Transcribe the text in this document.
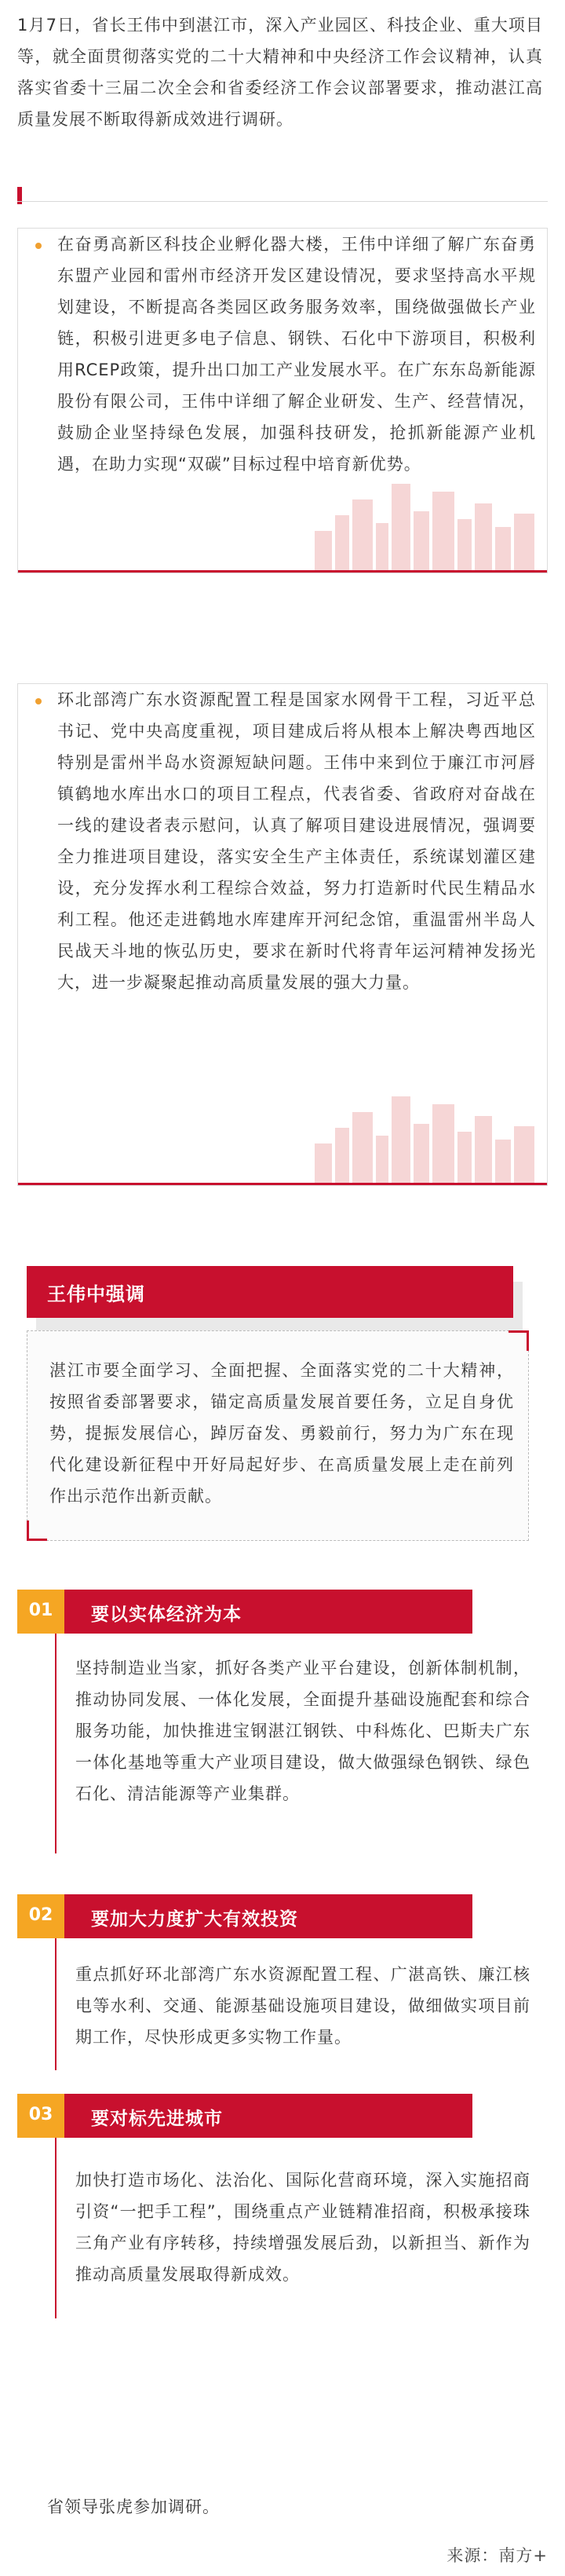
1月7日，省长王伟中到湛江市，深入产业园区、科技企业、重大项目等，就全面贯彻落实党的二十大精神和中央经济工作会议精神，认真落实省委十三届二次全会和省委经济工作会议部署要求，推动湛江高质量发展不断取得新成效进行调研。
在奋勇高新区科技企业孵化器大楼，王伟中详细了解广东奋勇东盟产业园和雷州市经济开发区建设情况，要求坚持高水平规划建设，不断提高各类园区政务服务效率，围绕做强做长产业链，积极引进更多电子信息、钢铁、石化中下游项目，积极利用RCEP政策，提升出口加工产业发展水平。在广东东岛新能源股份有限公司，王伟中详细了解企业研发、生产、经营情况，鼓励企业坚持绿色发展，加强科技研发，抢抓新能源产业机遇，在助力实现“双碳”目标过程中培育新优势。
环北部湾广东水资源配置工程是国家水网骨干工程，习近平总书记、党中央高度重视，项目建成后将从根本上解决粤西地区特别是雷州半岛水资源短缺问题。王伟中来到位于廉江市河唇镇鹤地水库出水口的项目工程点，代表省委、省政府对奋战在一线的建设者表示慰问，认真了解项目建设进展情况，强调要全力推进项目建设，落实安全生产主体责任，系统谋划灌区建设，充分发挥水利工程综合效益，努力打造新时代民生精品水利工程。他还走进鹤地水库建库开河纪念馆，重温雷州半岛人民战天斗地的恢弘历史，要求在新时代将青年运河精神发扬光大，进一步凝聚起推动高质量发展的强大力量。
王伟中强调
湛江市要全面学习、全面把握、全面落实党的二十大精神，按照省委部署要求，锚定高质量发展首要任务，立足自身优势，提振发展信心，踔厉奋发、勇毅前行，努力为广东在现代化建设新征程中开好局起好步、在高质量发展上走在前列作出示范作出新贡献。
01	要以实体经济为本
坚持制造业当家，抓好各类产业平台建设，创新体制机制，推动协同发展、一体化发展，全面提升基础设施配套和综合服务功能，加快推进宝钢湛江钢铁、中科炼化、巴斯夫广东一体化基地等重大产业项目建设，做大做强绿色钢铁、绿色石化、清洁能源等产业集群。
02	要加大力度扩大有效投资
重点抓好环北部湾广东水资源配置工程、广湛高铁、廉江核电等水利、交通、能源基础设施项目建设，做细做实项目前期工作，尽快形成更多实物工作量。
03	要对标先进城市
加快打造市场化、法治化、国际化营商环境，深入实施招商引资“一把手工程”，围绕重点产业链精准招商，积极承接珠三角产业有序转移，持续增强发展后劲，以新担当、新作为推动高质量发展取得新成效。
省领导张虎参加调研。
来源：南方+
